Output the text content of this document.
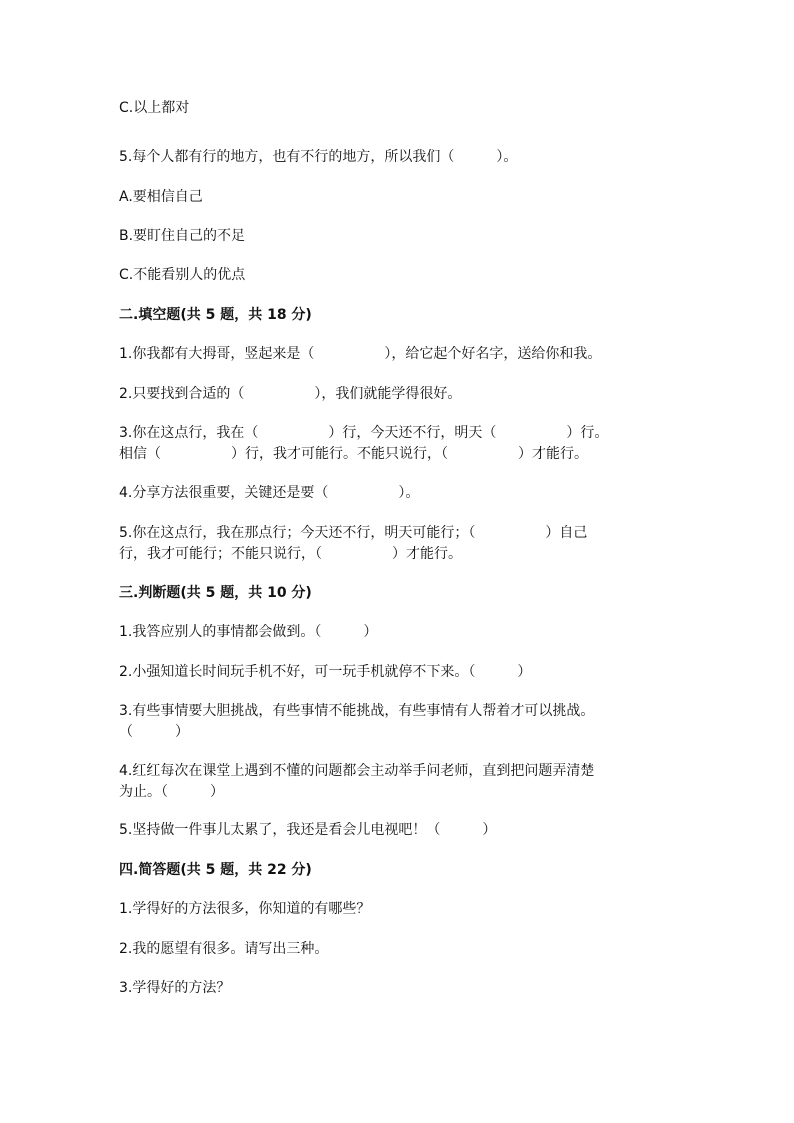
C.以上都对
5.每个人都有行的地方，也有不行的地方，所以我们（　　　）。
A.要相信自己
B.要盯住自己的不足
C.不能看别人的优点
二.填空题(共 5 题，共 18 分)
1.你我都有大拇哥，竖起来是（　　　　　），给它起个好名字，送给你和我。
2.只要找到合适的（　　　　　），我们就能学得很好。
3.你在这点行，我在（　　　　　）行，今天还不行，明天（　　　　　）行。
相信（　　　　　）行，我才可能行。不能只说行，（　　　　　）才能行。
4.分享方法很重要，关键还是要（　　　　　）。
5.你在这点行，我在那点行；今天还不行，明天可能行；（　　　　　）自己
行，我才可能行；不能只说行，（　　　　　）才能行。
三.判断题(共 5 题，共 10 分)
1.我答应别人的事情都会做到。（　　　）
2.小强知道长时间玩手机不好，可一玩手机就停不下来。（　　　）
3.有些事情要大胆挑战，有些事情不能挑战，有些事情有人帮着才可以挑战。
（　　　）
4.红红每次在课堂上遇到不懂的问题都会主动举手问老师，直到把问题弄清楚
为止。（　　　）
5.坚持做一件事儿太累了，我还是看会儿电视吧！（　　　）
四.简答题(共 5 题，共 22 分)
1.学得好的方法很多，你知道的有哪些？
2.我的愿望有很多。请写出三种。
3.学得好的方法？
